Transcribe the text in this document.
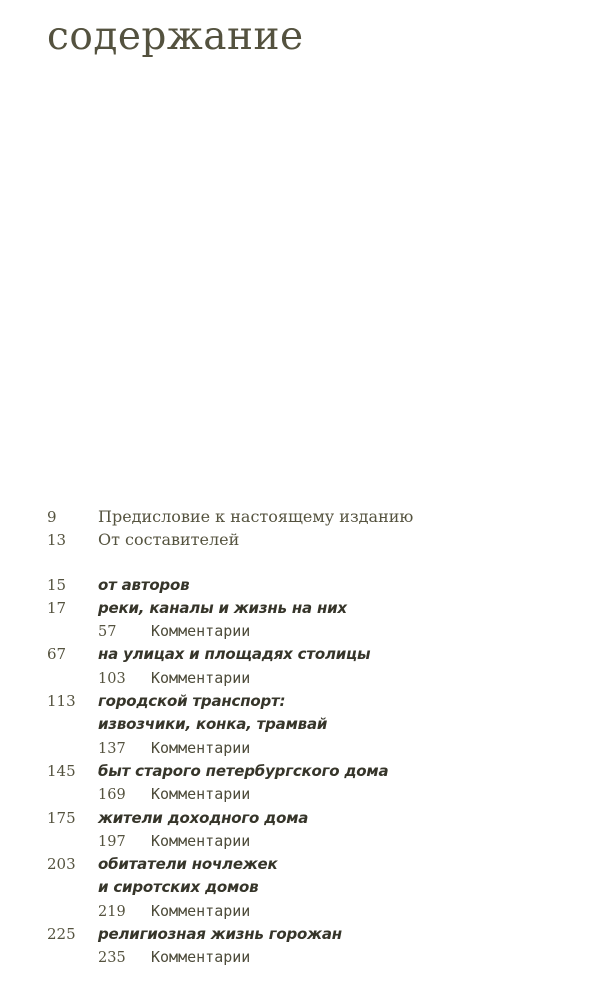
содержание
9	Предисловие к настоящему изданию
13	От составителей
15	от авторов
17	реки, каналы и жизнь на них
57	Комментарии
67	на улицах и площадях столицы
103	Комментарии
113	городской транспорт:
извозчики, конка, трамвай
137	Комментарии
145	быт старого петербургского дома
169	Комментарии
175	жители доходного дома
197	Комментарии
203	обитатели ночлежек
и сиротских домов
219	Комментарии
225	религиозная жизнь горожан
235	Комментарии
